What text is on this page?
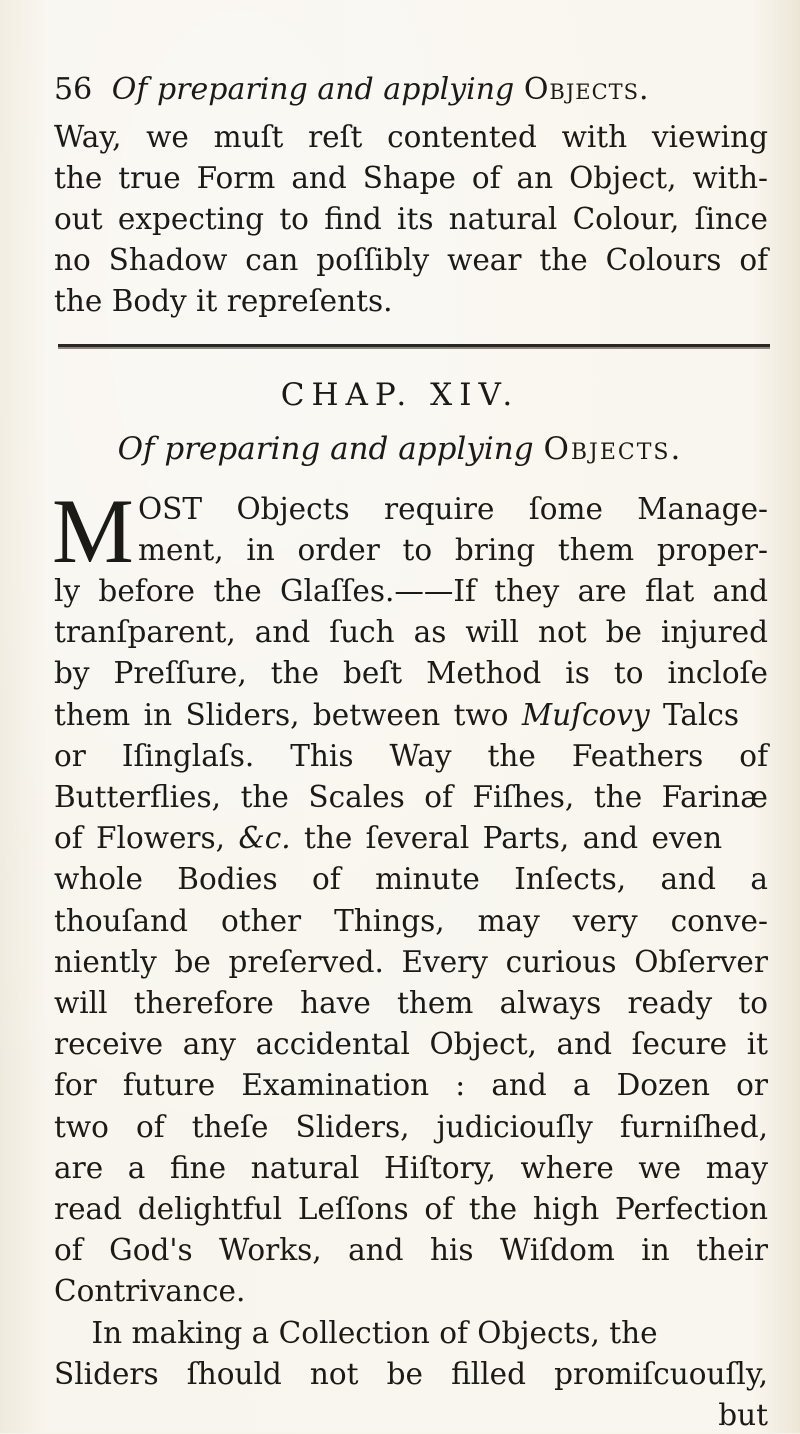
56 Of preparing and applying Objects.
Way, we muſt reſt contented with viewing
the true Form and Shape of an Object, with-
out expecting to find its natural Colour, ſince
no Shadow can poſſibly wear the Colours of
the Body it repreſents.
CHAP. XIV.
Of preparing and applying Objects.
M OST Objects require ſome Manage-
ment, in order to bring them proper-
ly before the Glaſſes.——If they are flat and
tranſparent, and ſuch as will not be injured
by Preſſure, the beſt Method is to incloſe
them in Sliders, between two Muſcovy Talcs
or Iſinglaſs. This Way the Feathers of
Butterflies, the Scales of Fiſhes, the Farinæ
of Flowers, &c. the ſeveral Parts, and even
whole Bodies of minute Inſects, and a
thouſand other Things, may very conve-
niently be preſerved. Every curious Obſerver
will therefore have them always ready to
receive any accidental Object, and ſecure it
for future Examination : and a Dozen or
two of theſe Sliders, judiciouſly furniſhed,
are a fine natural Hiſtory, where we may
read delightful Leſſons of the high Perfection
of God's Works, and his Wiſdom in their
Contrivance.
In making a Collection of Objects, the
Sliders ſhould not be filled promiſcuouſly,
but
